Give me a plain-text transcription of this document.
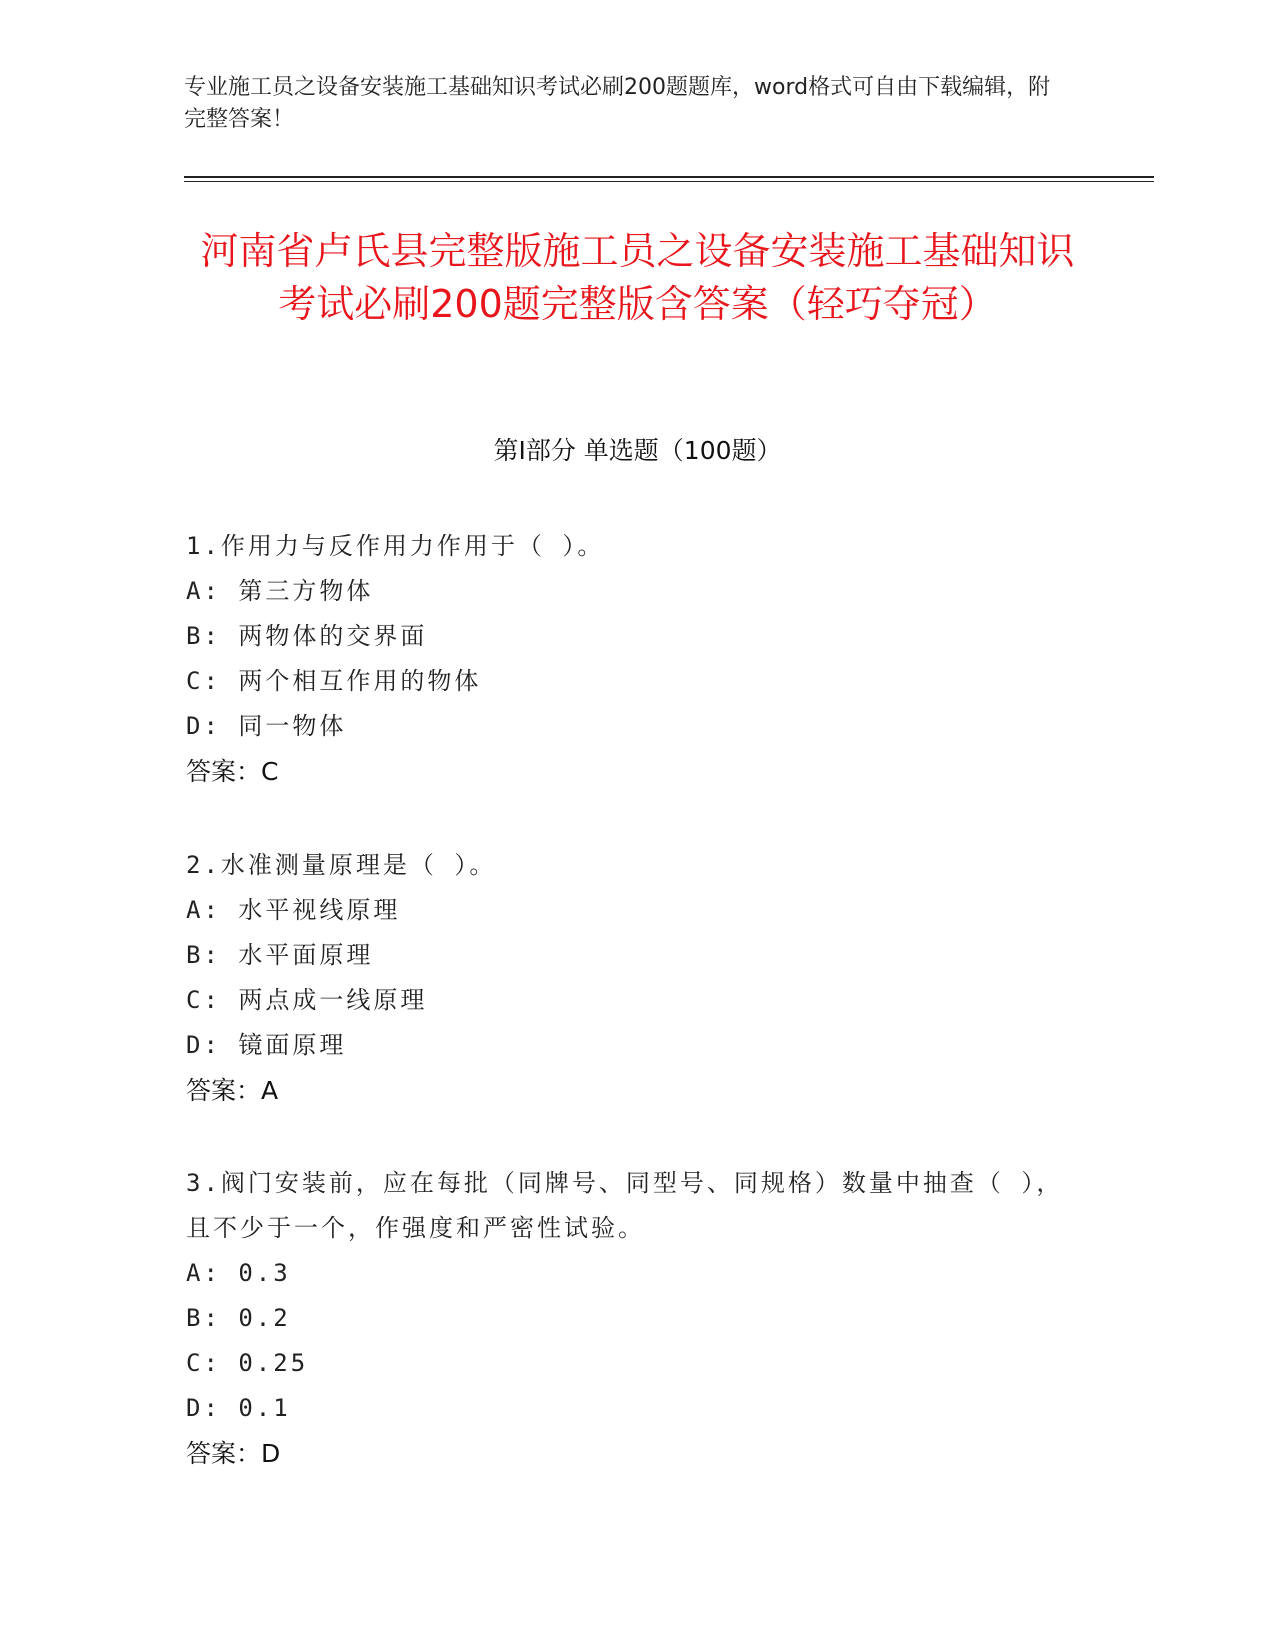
专业施工员之设备安装施工基础知识考试必刷200题题库，word格式可自由下载编辑，附完整答案！
河南省卢氏县完整版施工员之设备安装施工基础知识考试必刷200题完整版含答案（轻巧夺冠）
第Ⅰ部分 单选题（100题）
1.作用力与反作用力作用于（ ）。
A: 第三方物体
B: 两物体的交界面
C: 两个相互作用的物体
D: 同一物体
答案：C
2.水准测量原理是（ ）。
A: 水平视线原理
B: 水平面原理
C: 两点成一线原理
D: 镜面原理
答案：A
3.阀门安装前，应在每批（同牌号、同型号、同规格）数量中抽查（ ），且不少于一个，作强度和严密性试验。
A: 0.3
B: 0.2
C: 0.25
D: 0.1
答案：D
